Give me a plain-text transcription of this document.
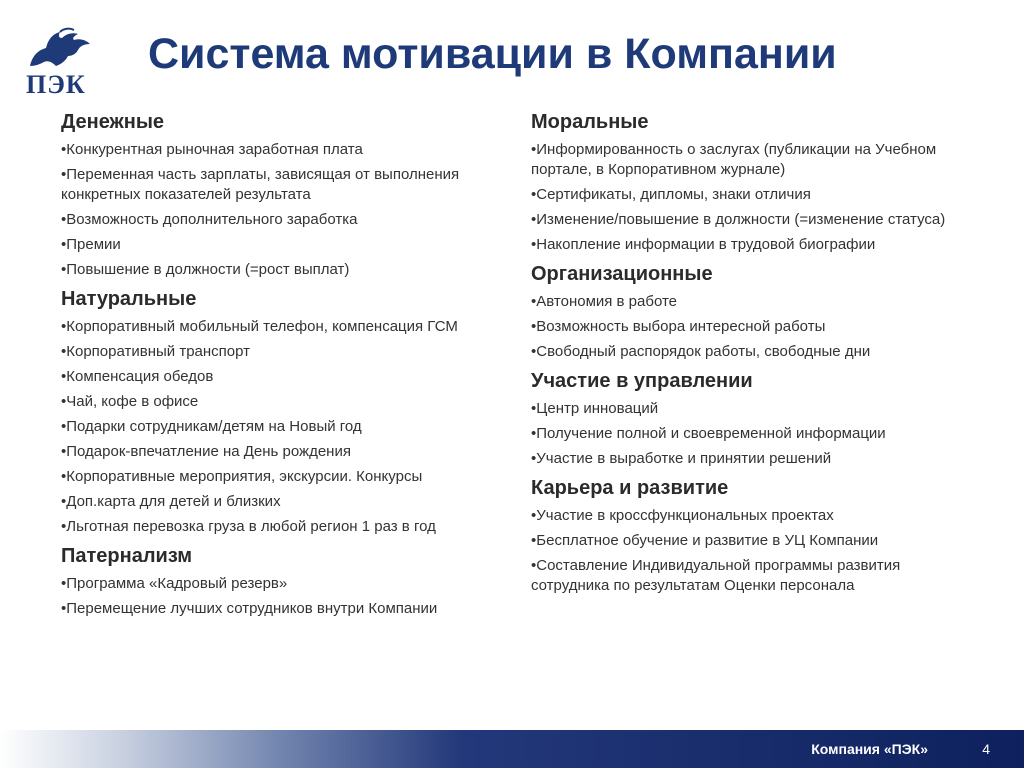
ПЭК
Система мотивации в Компании
Денежные
•Конкурентная рыночная заработная плата
•Переменная часть зарплаты, зависящая от выполнения конкретных показателей результата
•Возможность дополнительного заработка
•Премии
•Повышение в должности (=рост выплат)
Натуральные
•Корпоративный мобильный телефон, компенсация ГСМ
•Корпоративный транспорт
•Компенсация обедов
•Чай, кофе в офисе
•Подарки сотрудникам/детям на Новый год
•Подарок-впечатление на День рождения
•Корпоративные мероприятия, экскурсии. Конкурсы
•Доп.карта для детей и близких
•Льготная перевозка груза в любой регион 1 раз в год
Патернализм
•Программа «Кадровый резерв»
•Перемещение лучших сотрудников внутри Компании
Моральные
•Информированность о заслугах (публикации на Учебном портале, в Корпоративном журнале)
•Сертификаты, дипломы, знаки отличия
•Изменение/повышение в должности (=изменение статуса)
•Накопление информации в трудовой биографии
Организационные
•Автономия в работе
•Возможность выбора интересной работы
•Свободный распорядок работы, свободные дни
Участие в управлении
•Центр инноваций
•Получение полной и своевременной информации
•Участие в выработке и принятии решений
Карьера и развитие
•Участие в кроссфункциональных проектах
•Бесплатное обучение и развитие в УЦ Компании
•Составление Индивидуальной программы развития сотрудника по результатам Оценки персонала
Компания «ПЭК»	4
